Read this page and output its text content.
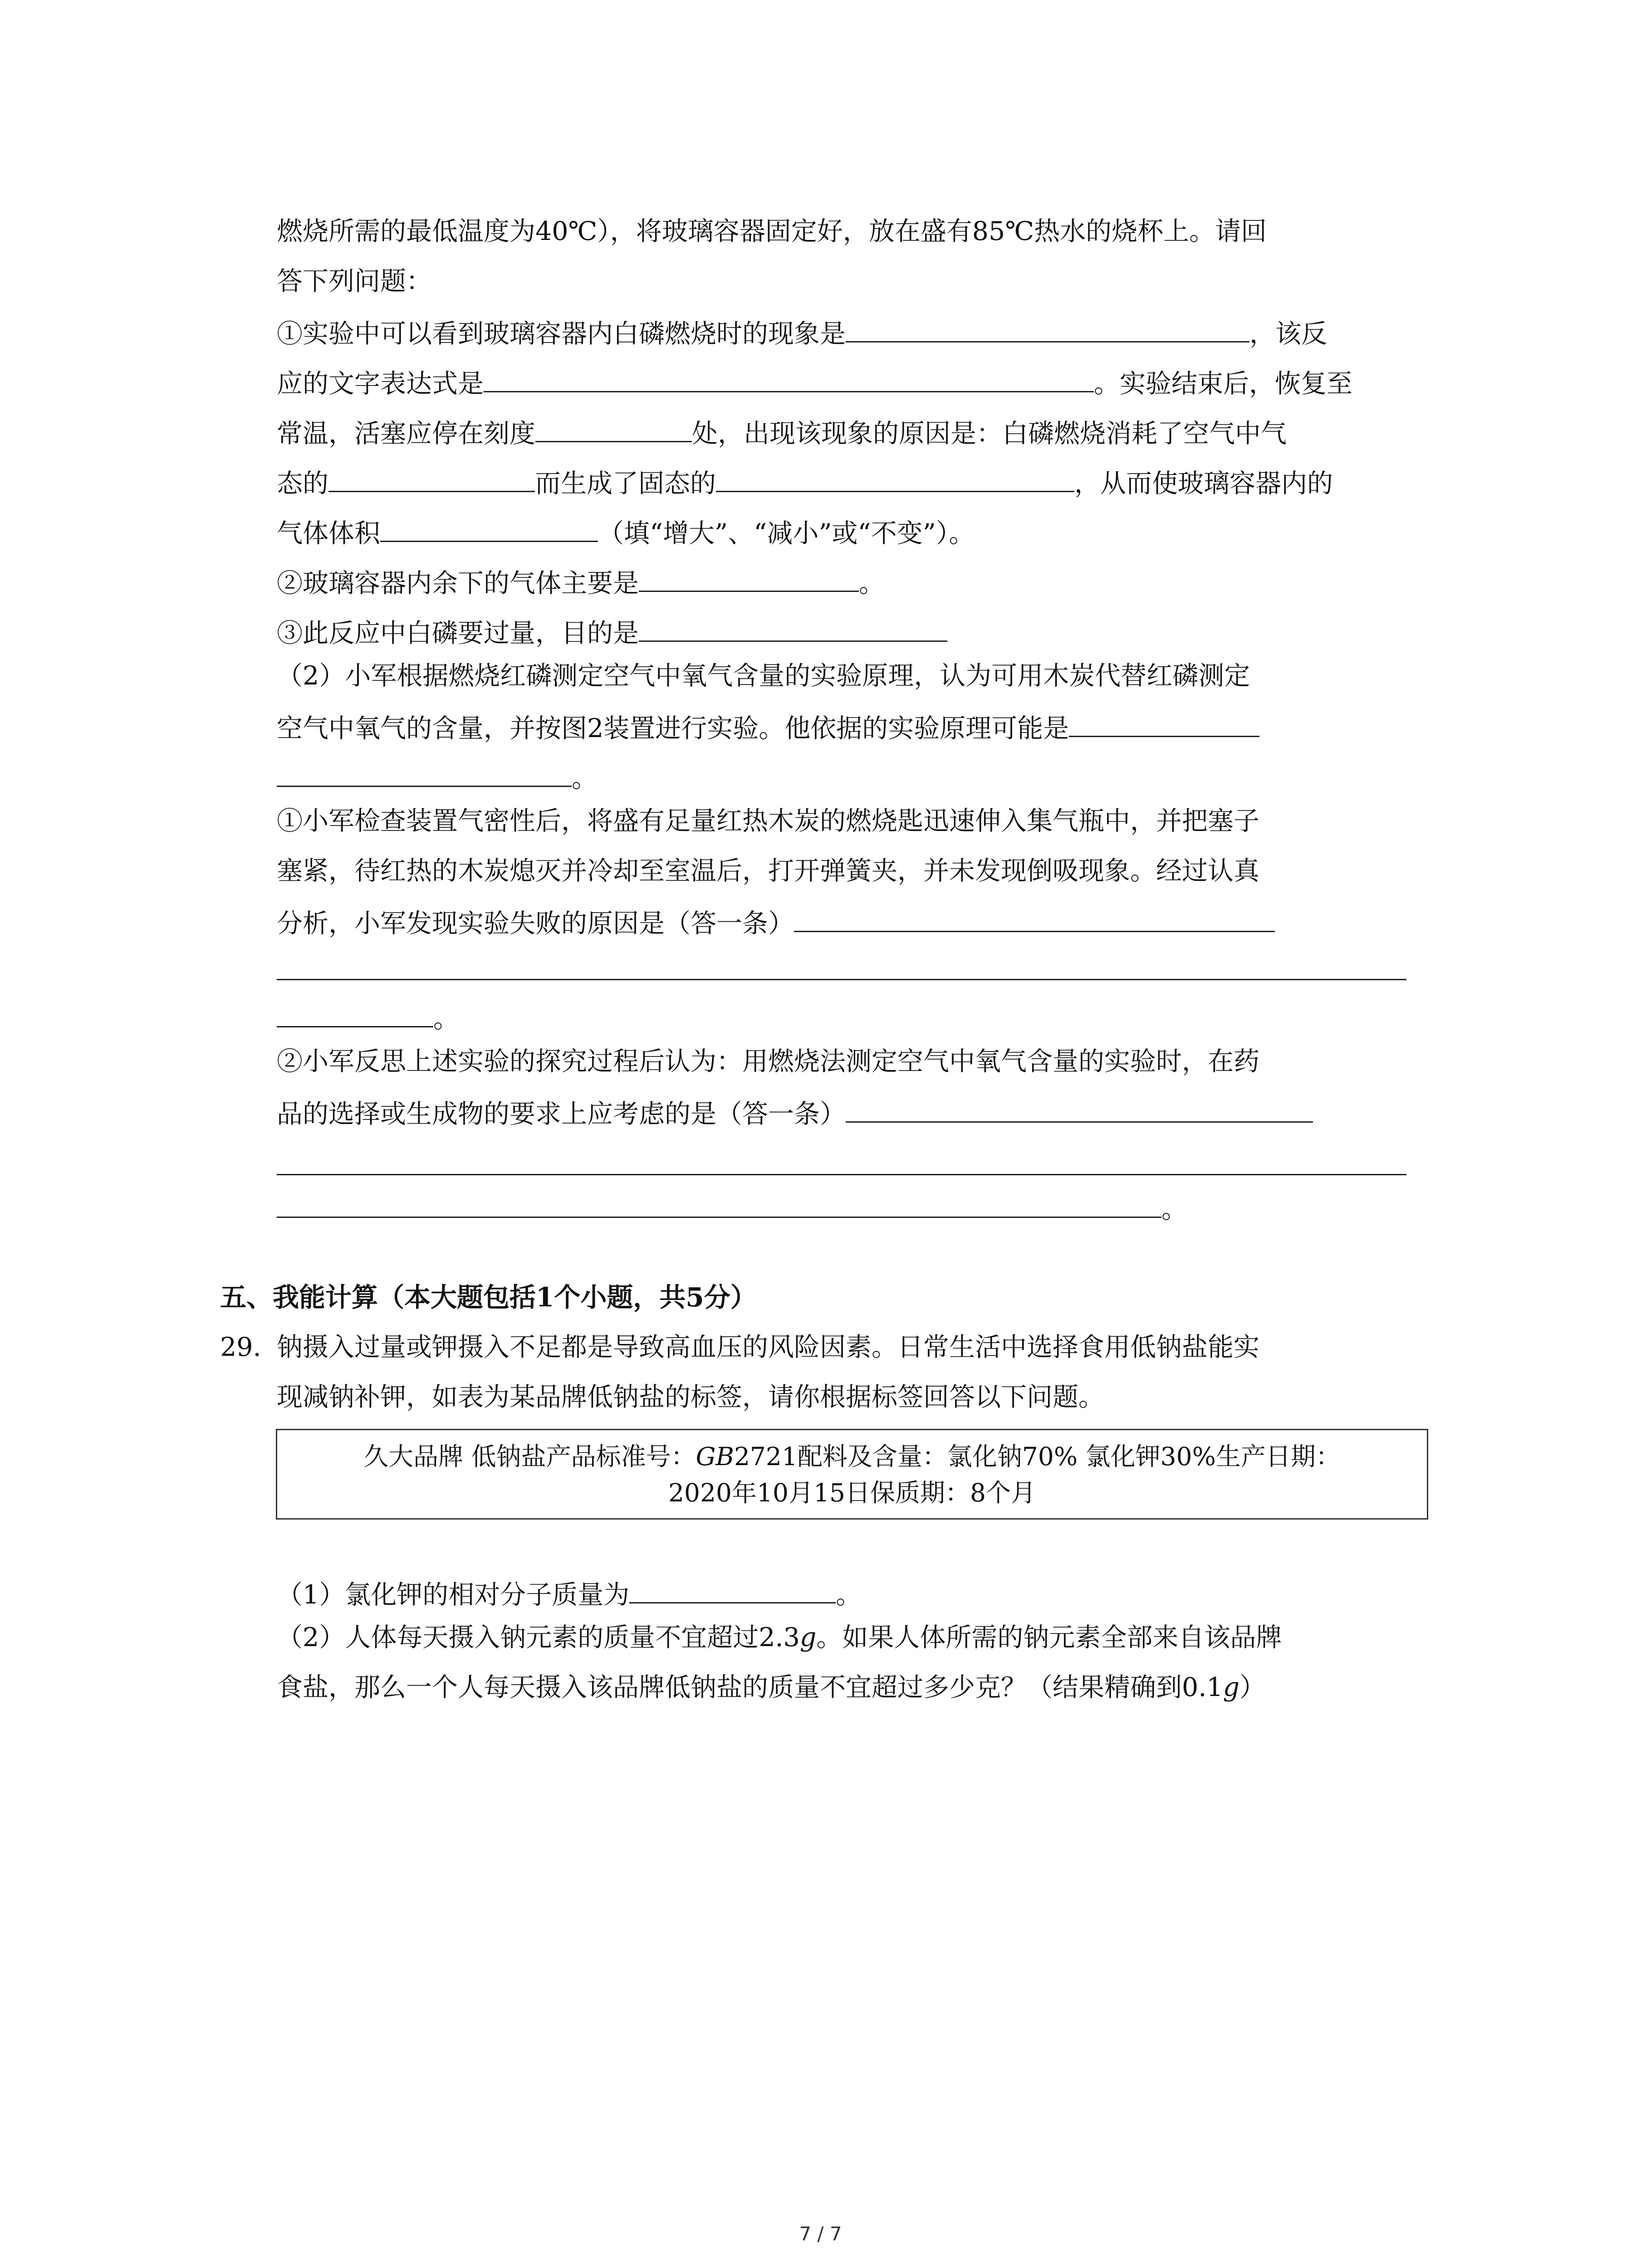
燃烧所需的最低温度为40℃），将玻璃容器固定好，放在盛有85℃热水的烧杯上。请回
答下列问题：
①实验中可以看到玻璃容器内白磷燃烧时的现象是	，该反
应的文字表达式是	。实验结束后，恢复至
常温，活塞应停在刻度	处，出现该现象的原因是：白磷燃烧消耗了空气中气
态的	而生成了固态的	，从而使玻璃容器内的
气体体积	（填“增大”、“减小”或“不变”）。
②玻璃容器内余下的气体主要是	。
③此反应中白磷要过量，目的是
（2）小军根据燃烧红磷测定空气中氧气含量的实验原理，认为可用木炭代替红磷测定
空气中氧气的含量，并按图2装置进行实验。他依据的实验原理可能是
。
①小军检查装置气密性后，将盛有足量红热木炭的燃烧匙迅速伸入集气瓶中，并把塞子
塞紧，待红热的木炭熄灭并冷却至室温后，打开弹簧夹，并未发现倒吸现象。经过认真
分析，小军发现实验失败的原因是（答一条）
。
②小军反思上述实验的探究过程后认为：用燃烧法测定空气中氧气含量的实验时，在药
品的选择或生成物的要求上应考虑的是（答一条）
。
五、我能计算（本大题包括1个小题，共5分）
29. 钠摄入过量或钾摄入不足都是导致高血压的风险因素。日常生活中选择食用低钠盐能实
现减钠补钾，如表为某品牌低钠盐的标签，请你根据标签回答以下问题。
久大品牌 低钠盐产品标准号：GB2721配料及含量：氯化钠70% 氯化钾30%生产日期：
2020年10月15日保质期：8个月
（1）氯化钾的相对分子质量为	。
（2）人体每天摄入钠元素的质量不宜超过2.3g。如果人体所需的钠元素全部来自该品牌
食盐，那么一个人每天摄入该品牌低钠盐的质量不宜超过多少克？（结果精确到0.1g）
7 / 7
